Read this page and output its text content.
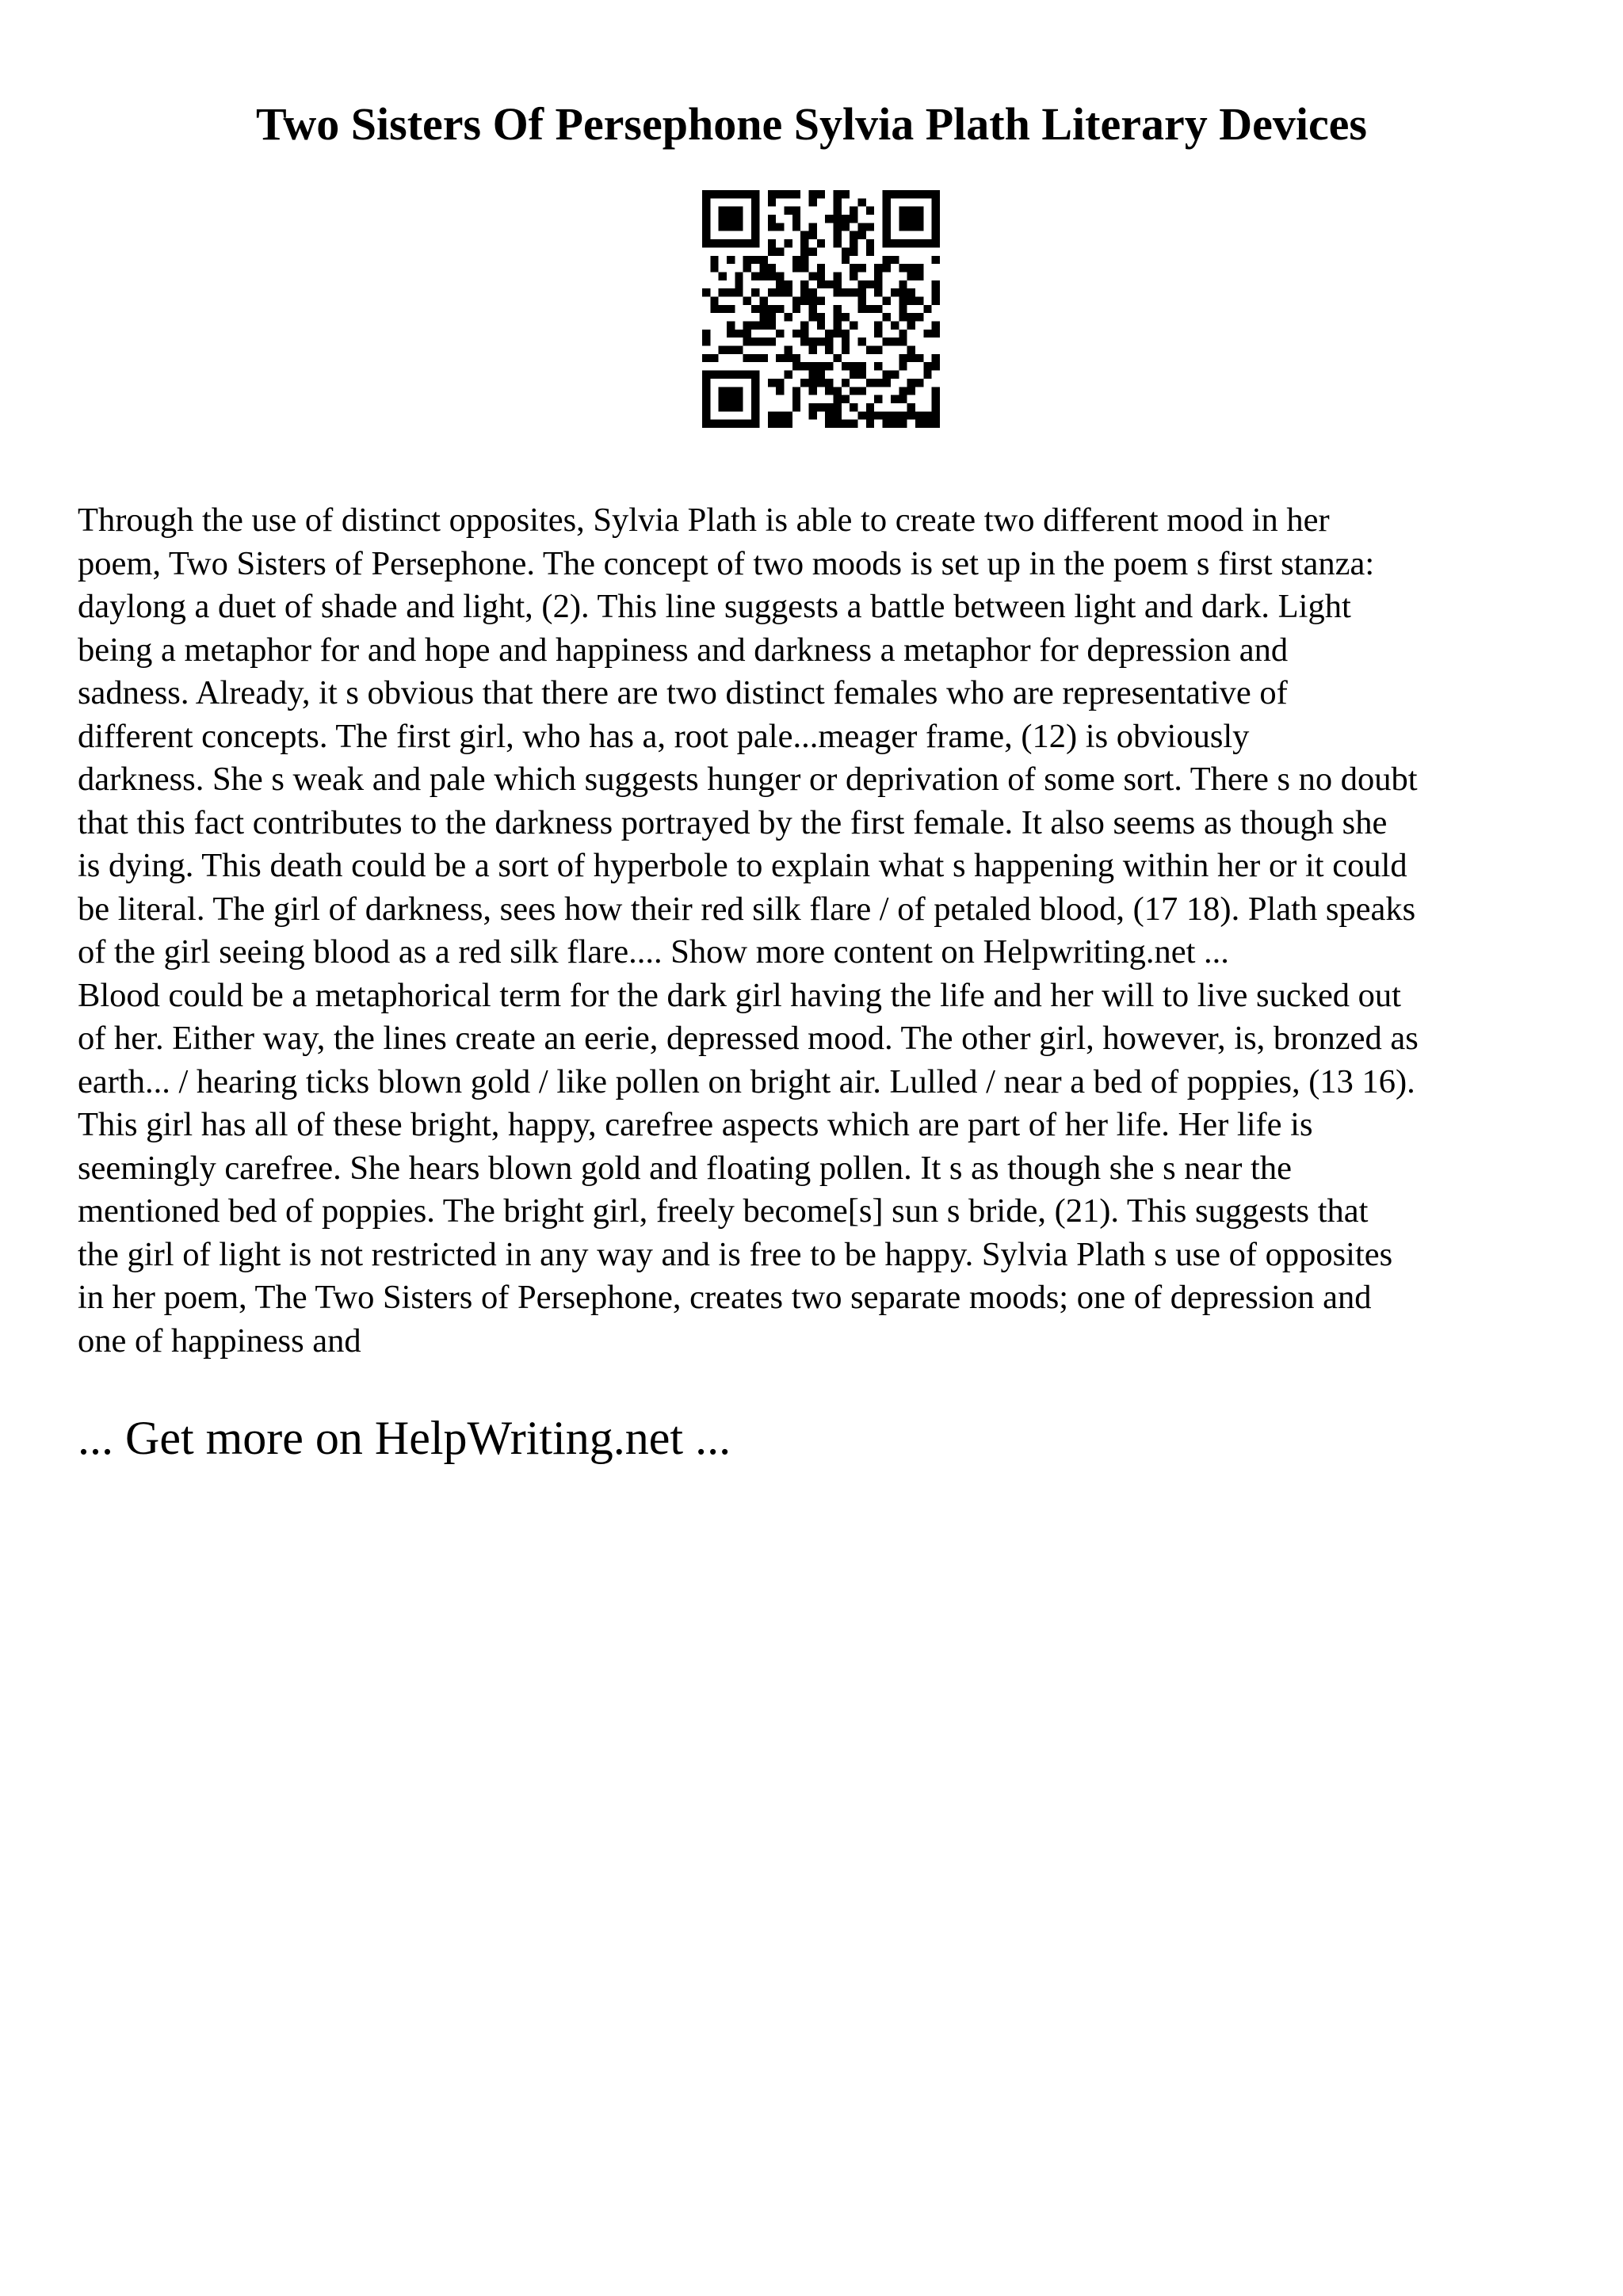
Two Sisters Of Persephone Sylvia Plath Literary Devices
Through the use of distinct opposites, Sylvia Plath is able to create two different mood in her
poem, Two Sisters of Persephone. The concept of two moods is set up in the poem s first stanza:
daylong a duet of shade and light, (2). This line suggests a battle between light and dark. Light
being a metaphor for and hope and happiness and darkness a metaphor for depression and
sadness. Already, it s obvious that there are two distinct females who are representative of
different concepts. The first girl, who has a, root pale...meager frame, (12) is obviously
darkness. She s weak and pale which suggests hunger or deprivation of some sort. There s no doubt
that this fact contributes to the darkness portrayed by the first female. It also seems as though she
is dying. This death could be a sort of hyperbole to explain what s happening within her or it could
be literal. The girl of darkness, sees how their red silk flare / of petaled blood, (17 18). Plath speaks
of the girl seeing blood as a red silk flare.... Show more content on Helpwriting.net ...
Blood could be a metaphorical term for the dark girl having the life and her will to live sucked out
of her. Either way, the lines create an eerie, depressed mood. The other girl, however, is, bronzed as
earth... / hearing ticks blown gold / like pollen on bright air. Lulled / near a bed of poppies, (13 16).
This girl has all of these bright, happy, carefree aspects which are part of her life. Her life is
seemingly carefree. She hears blown gold and floating pollen. It s as though she s near the
mentioned bed of poppies. The bright girl, freely become[s] sun s bride, (21). This suggests that
the girl of light is not restricted in any way and is free to be happy. Sylvia Plath s use of opposites
in her poem, The Two Sisters of Persephone, creates two separate moods; one of depression and
one of happiness and

... Get more on HelpWriting.net ...
